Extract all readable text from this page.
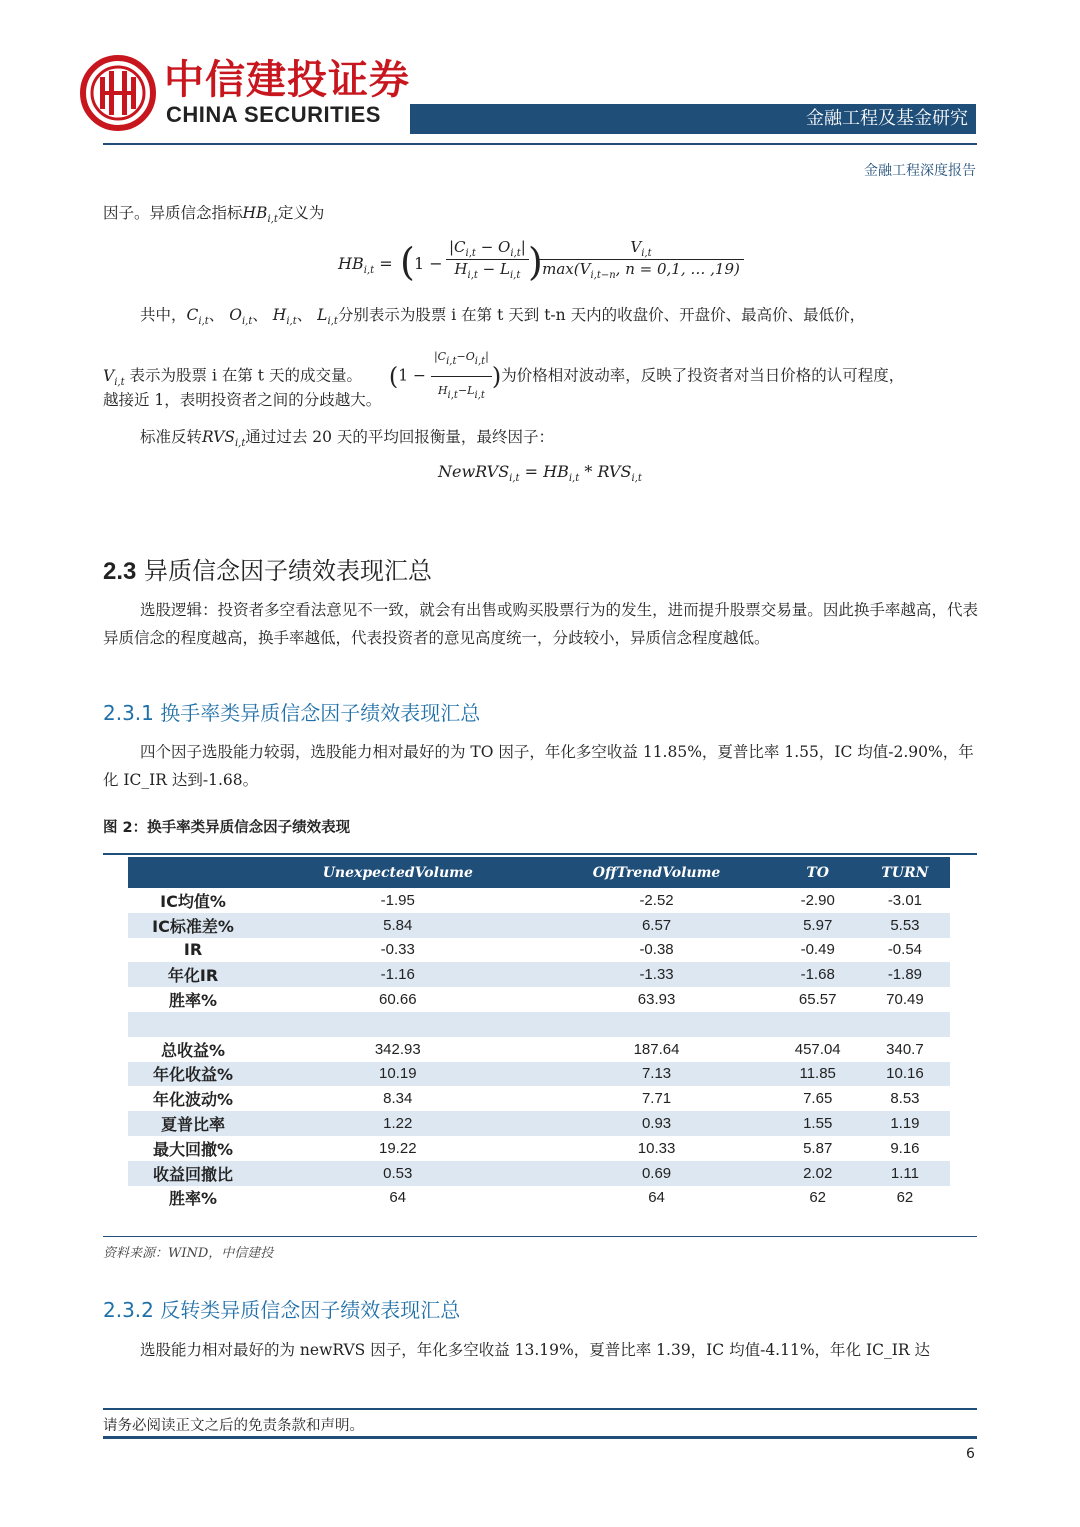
中信建投证券
CHINA SECURITIES	金融工程及基金研究
金融工程深度报告
因子。异质信念指标$HB_{i,t}$定义为
$HB_{i,t}$ = ( $1 - \frac{|C_{i,t} - O_{i,t}|}{H_{i,t} - L_{i,t}}$ )	$V_{i,t}$
$\max(V_{i,t-n}$, n = 0,1, … ,19)
共中，$C_{i,t}$、 $O_{i,t}$、 $H_{i,t}$、 $L_{i,t}$分别表示为股票 i 在第 t 天到 t-n 天内的收盘价、开盘价、最高价、最低价，
$V_{i,t}$ 表示为股票 i 在第 t 天的成交量。 ($1 - \frac{|Ci,t-Oi,t|}{Hi,t-Li,t}$ )为价格相对波动率，反映了投资者对当日价格的认可程度，
越接近 1，表明投资者之间的分歧越大。
标准反转$RVS_{i,t}$通过过去 20 天的平均回报衡量，最终因子：
NewRVS$_{i,t}$ = $HB_{i,t} * RVS_{i,t}$
2.3 异质信念因子绩效表现汇总
选股逻辑：投资者多空看法意见不一致，就会有出售或购买股票行为的发生，进而提升股票交易量。因此换手率越高，代表异质信念的程度越高，换手率越低，代表投资者的意见高度统一，分歧较小，异质信念程度越低。
2.3.1 换手率类异质信念因子绩效表现汇总
四个因子选股能力较弱，选股能力相对最好的为 TO 因子，年化多空收益 11.85%，夏普比率 1.55，IC 均值-2.90%，年化 IC_IR 达到-1.68。
图 2：换手率类异质信念因子绩效表现
	UnexpectedVolume	OffTrendVolume	TO	TURN
IC均值%	-1.95	-2.52	-2.90	-3.01
IC标准差%	5.84	6.57	5.97	5.53
IR	-0.33	-0.38	-0.49	-0.54
年化IR	-1.16	-1.33	-1.68	-1.89
胜率%	60.66	63.93	65.57	70.49

总收益%	342.93	187.64	457.04	340.7
年化收益%	10.19	7.13	11.85	10.16
年化波动%	8.34	7.71	7.65	8.53
夏普比率	1.22	0.93	1.55	1.19
最大回撤%	19.22	10.33	5.87	9.16
收益回撤比	0.53	0.69	2.02	1.11
胜率%	64	64	62	62
资料来源：WIND，中信建投
2.3.2 反转类异质信念因子绩效表现汇总
选股能力相对最好的为 newRVS 因子，年化多空收益 13.19%，夏普比率 1.39，IC 均值-4.11%，年化 IC_IR 达
请务必阅读正文之后的免责条款和声明。
6
